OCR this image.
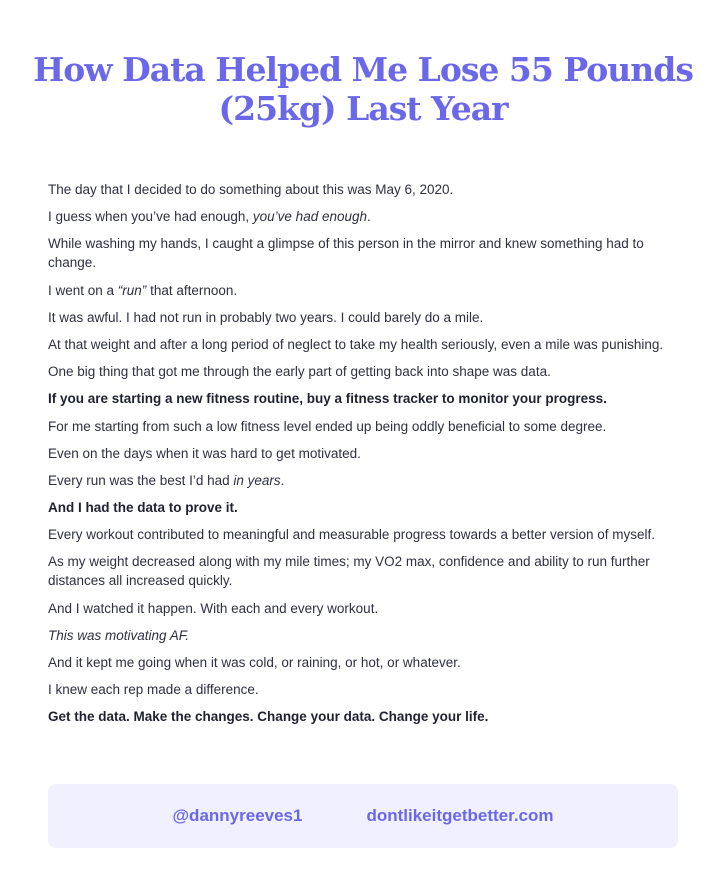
How Data Helped Me Lose 55 Pounds (25kg) Last Year

The day that I decided to do something about this was May 6, 2020.

I guess when you’ve had enough, you’ve had enough.

While washing my hands, I caught a glimpse of this person in the mirror and knew something had to change.

I went on a “run” that afternoon.

It was awful. I had not run in probably two years. I could barely do a mile.

At that weight and after a long period of neglect to take my health seriously, even a mile was punishing.

One big thing that got me through the early part of getting back into shape was data.

If you are starting a new fitness routine, buy a fitness tracker to monitor your progress.

For me starting from such a low fitness level ended up being oddly beneficial to some degree.

Even on the days when it was hard to get motivated.

Every run was the best I’d had in years.

And I had the data to prove it.

Every workout contributed to meaningful and measurable progress towards a better version of myself.

As my weight decreased along with my mile times; my VO2 max, confidence and ability to run further distances all increased quickly.

And I watched it happen. With each and every workout.

This was motivating AF.

And it kept me going when it was cold, or raining, or hot, or whatever.

I knew each rep made a difference.

Get the data. Make the changes. Change your data. Change your life.

@dannyreeves1	dontlikeitgetbetter.com
